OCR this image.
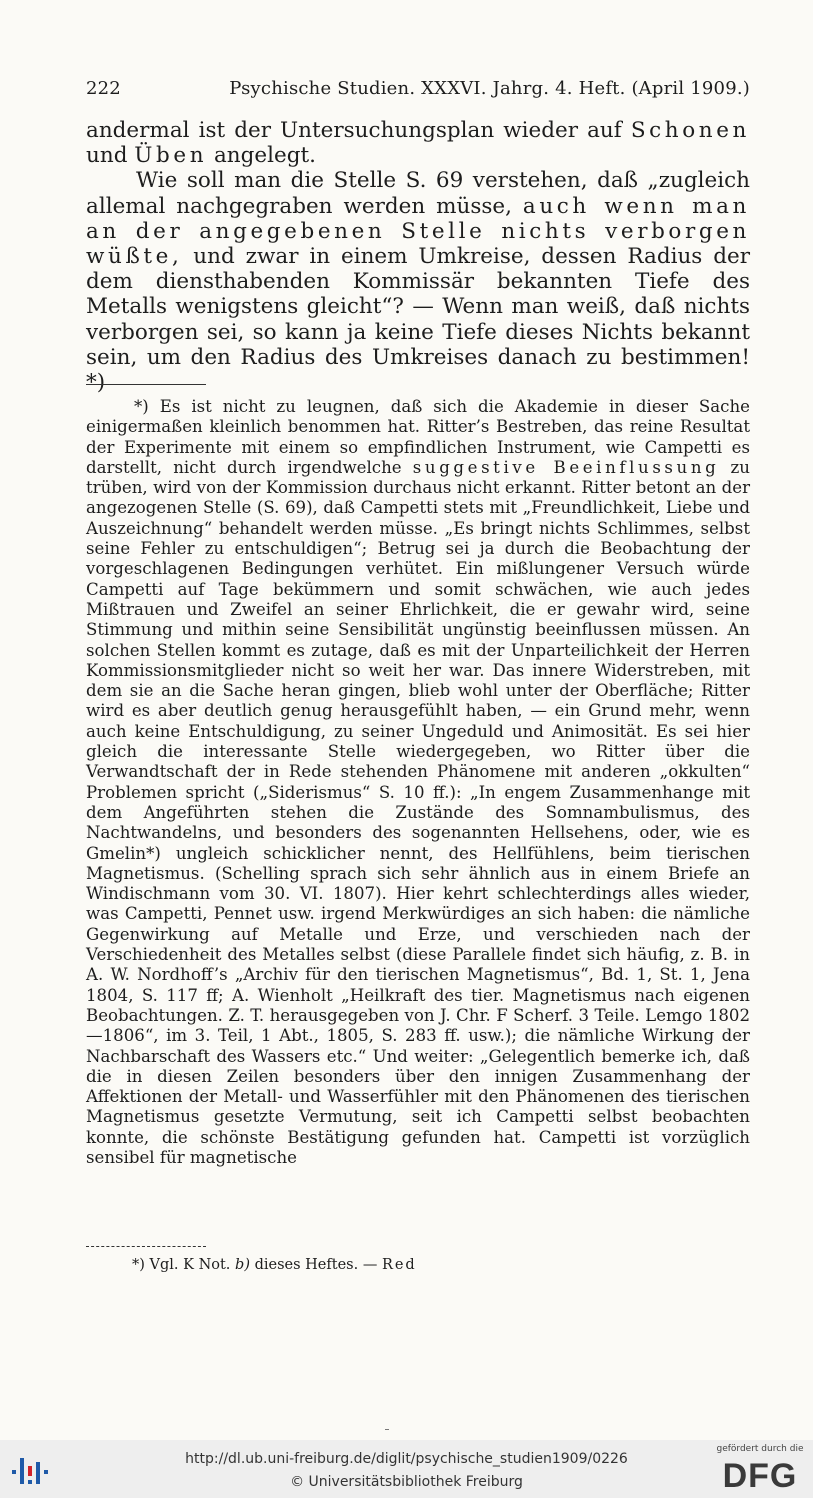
222	Psychische Studien. XXXVI. Jahrg. 4. Heft. (April 1909.)

andermal ist der Untersuchungsplan wieder auf Schonen und Üben angelegt.

Wie soll man die Stelle S. 69 verstehen, daß „zugleich allemal nachgegraben werden müsse, auch wenn man an der angegebenen Stelle nichts verborgen wüßte, und zwar in einem Umkreise, dessen Radius der dem diensthabenden Kommissär bekannten Tiefe des Metalls wenigstens gleicht“? — Wenn man weiß, daß nichts verborgen sei, so kann ja keine Tiefe dieses Nichts bekannt sein, um den Radius des Umkreises danach zu bestimmen! *)

*) Es ist nicht zu leugnen, daß sich die Akademie in dieser Sache einigermaßen kleinlich benommen hat. Ritter’s Bestreben, das reine Resultat der Experimente mit einem so empfindlichen Instrument, wie Campetti es darstellt, nicht durch irgendwelche suggestive Beeinflussung zu trüben, wird von der Kommission durchaus nicht erkannt. Ritter betont an der angezogenen Stelle (S. 69), daß Campetti stets mit „Freundlichkeit, Liebe und Auszeichnung“ behandelt werden müsse. „Es bringt nichts Schlimmes, selbst seine Fehler zu entschuldigen“; Betrug sei ja durch die Beobachtung der vorgeschlagenen Bedingungen verhütet. Ein mißlungener Versuch würde Campetti auf Tage bekümmern und somit schwächen, wie auch jedes Mißtrauen und Zweifel an seiner Ehrlichkeit, die er gewahr wird, seine Stimmung und mithin seine Sensibilität ungünstig beeinflussen müssen. An solchen Stellen kommt es zutage, daß es mit der Unparteilichkeit der Herren Kommissionsmitglieder nicht so weit her war. Das innere Widerstreben, mit dem sie an die Sache heran gingen, blieb wohl unter der Oberfläche; Ritter wird es aber deutlich genug herausgefühlt haben, — ein Grund mehr, wenn auch keine Entschuldigung, zu seiner Ungeduld und Animosität. Es sei hier gleich die interessante Stelle wiedergegeben, wo Ritter über die Verwandtschaft der in Rede stehenden Phänomene mit anderen „okkulten“ Problemen spricht („Siderismus“ S. 10 ff.): „In engem Zusammenhange mit dem Angeführten stehen die Zustände des Somnambulismus, des Nachtwandelns, und besonders des sogenannten Hellsehens, oder, wie es Gmelin*) ungleich schicklicher nennt, des Hellfühlens, beim tierischen Magnetismus. (Schelling sprach sich sehr ähnlich aus in einem Briefe an Windischmann vom 30. VI. 1807). Hier kehrt schlechterdings alles wieder, was Campetti, Pennet usw. irgend Merkwürdiges an sich haben: die nämliche Gegenwirkung auf Metalle und Erze, und verschieden nach der Verschiedenheit des Metalles selbst (diese Parallele findet sich häufig, z. B. in A. W. Nordhoff’s „Archiv für den tierischen Magnetismus“, Bd. 1, St. 1, Jena 1804, S. 117 ff; A. Wienholt „Heilkraft des tier. Magnetismus nach eigenen Beobachtungen. Z. T. herausgegeben von J. Chr. F Scherf. 3 Teile. Lemgo 1802—1806“, im 3. Teil, 1 Abt., 1805, S. 283 ff. usw.); die nämliche Wirkung der Nachbarschaft des Wassers etc.“ Und weiter: „Gelegentlich bemerke ich, daß die in diesen Zeilen besonders über den innigen Zusammenhang der Affektionen der Metall- und Wasserfühler mit den Phänomenen des tierischen Magnetismus gesetzte Vermutung, seit ich Campetti selbst beobachten konnte, die schönste Bestätigung gefunden hat. Campetti ist vorzüglich sensibel für magnetische

*) Vgl. K Not. b) dieses Heftes. — Red
http://dl.ub.uni-freiburg.de/diglit/psychische_studien1909/0226
© Universitätsbibliothek Freiburg
gefördert durch die
DFG
